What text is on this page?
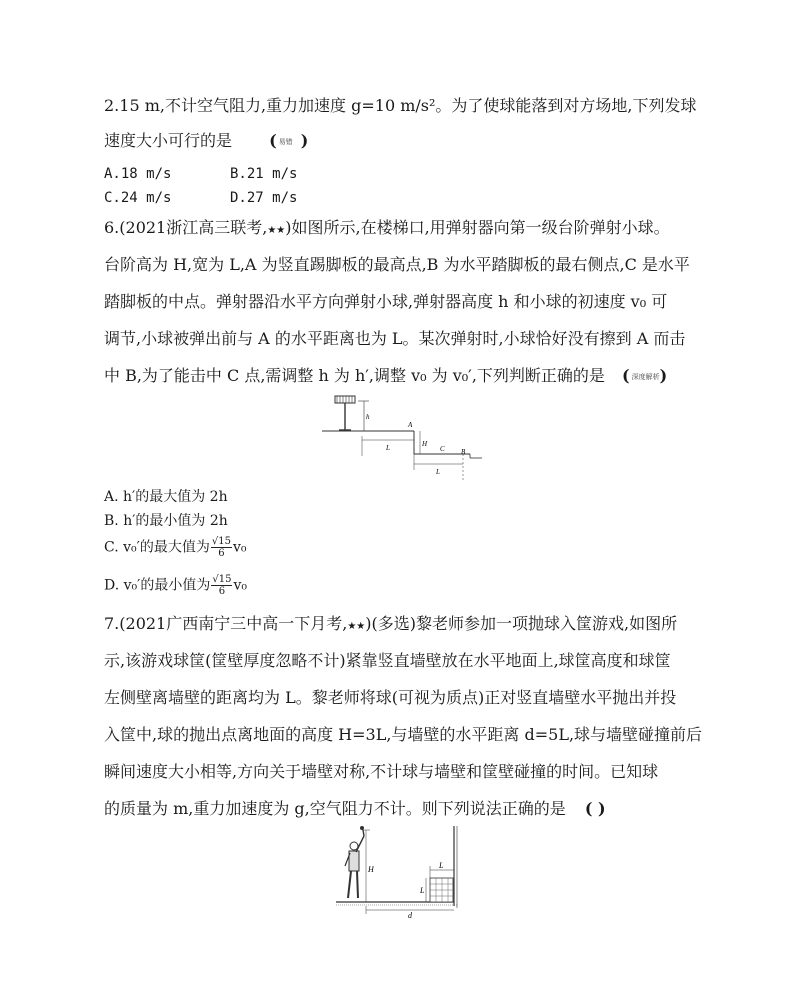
2.15 m,不计空气阻力,重力加速度 g=10 m/s²。为了使球能落到对方场地,下列发球
速度大小可行的是 ( 易错 )
A.18 m/s	B.21 m/s
C.24 m/s	D.27 m/s
6.(2021浙江高三联考,★★)如图所示,在楼梯口,用弹射器向第一级台阶弹射小球。
台阶高为 H,宽为 L,A 为竖直踢脚板的最高点,B 为水平踏脚板的最右侧点,C 是水平
踏脚板的中点。弹射器沿水平方向弹射小球,弹射器高度 h 和小球的初速度 v₀ 可
调节,小球被弹出前与 A 的水平距离也为 L。某次弹射时,小球恰好没有擦到 A 而击
中 B,为了能击中 C 点,需调整 h 为 h′,调整 v₀ 为 v₀′,下列判断正确的是 ( 深度解析)
h
A
H
C B
L
L
A. h′的最大值为 2h
B. h′的最小值为 2h
C. v₀′的最大值为 $\frac{√15}{6} v_0$
D. v₀′的最小值为 $\frac{√15}{6} v_0$
7.(2021广西南宁三中高一下月考,★★)(多选)黎老师参加一项抛球入筐游戏,如图所
示,该游戏球筐(筐壁厚度忽略不计)紧靠竖直墙壁放在水平地面上,球筐高度和球筐
左侧壁离墙壁的距离均为 L。黎老师将球(可视为质点)正对竖直墙壁水平抛出并投
入筐中,球的抛出点离地面的高度 H=3L,与墙壁的水平距离 d=5L,球与墙壁碰撞前后
瞬间速度大小相等,方向关于墙壁对称,不计球与墙壁和筐壁碰撞的时间。已知球
的质量为 m,重力加速度为 g,空气阻力不计。则下列说法正确的是 ( )
H	L
L
d
